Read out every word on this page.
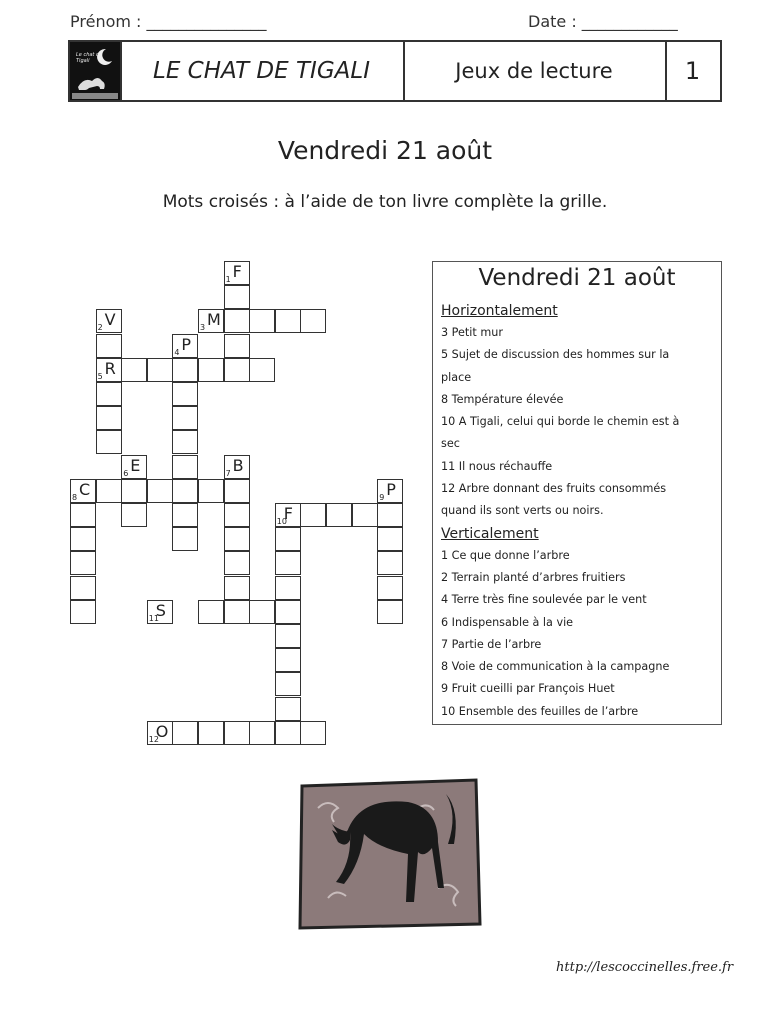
Prénom : _______________	Date : ____________
Le chat de Tigali	LE CHAT DE TIGALI	Jeux de lecture	1
Vendredi 21 août
Mots croisés : à l’aide de ton livre complète la grille.
1 F
2 V	3 M
4 P
5 R
6 E	7 B
8 C	9 P
10
F
11
S
12
O
Vendredi 21 août
Horizontalement
3 Petit mur
5 Sujet de discussion des hommes sur la
place
8 Température élevée
10 A Tigali, celui qui borde le chemin est à
sec
11 Il nous réchauffe
12 Arbre donnant des fruits consommés
quand ils sont verts ou noirs.
Verticalement
1 Ce que donne l’arbre
2 Terrain planté d’arbres fruitiers
4 Terre très fine soulevée par le vent
6 Indispensable à la vie
7 Partie de l’arbre
8 Voie de communication à la campagne
9 Fruit cueilli par François Huet
10 Ensemble des feuilles de l’arbre
http://lescoccinelles.free.fr
